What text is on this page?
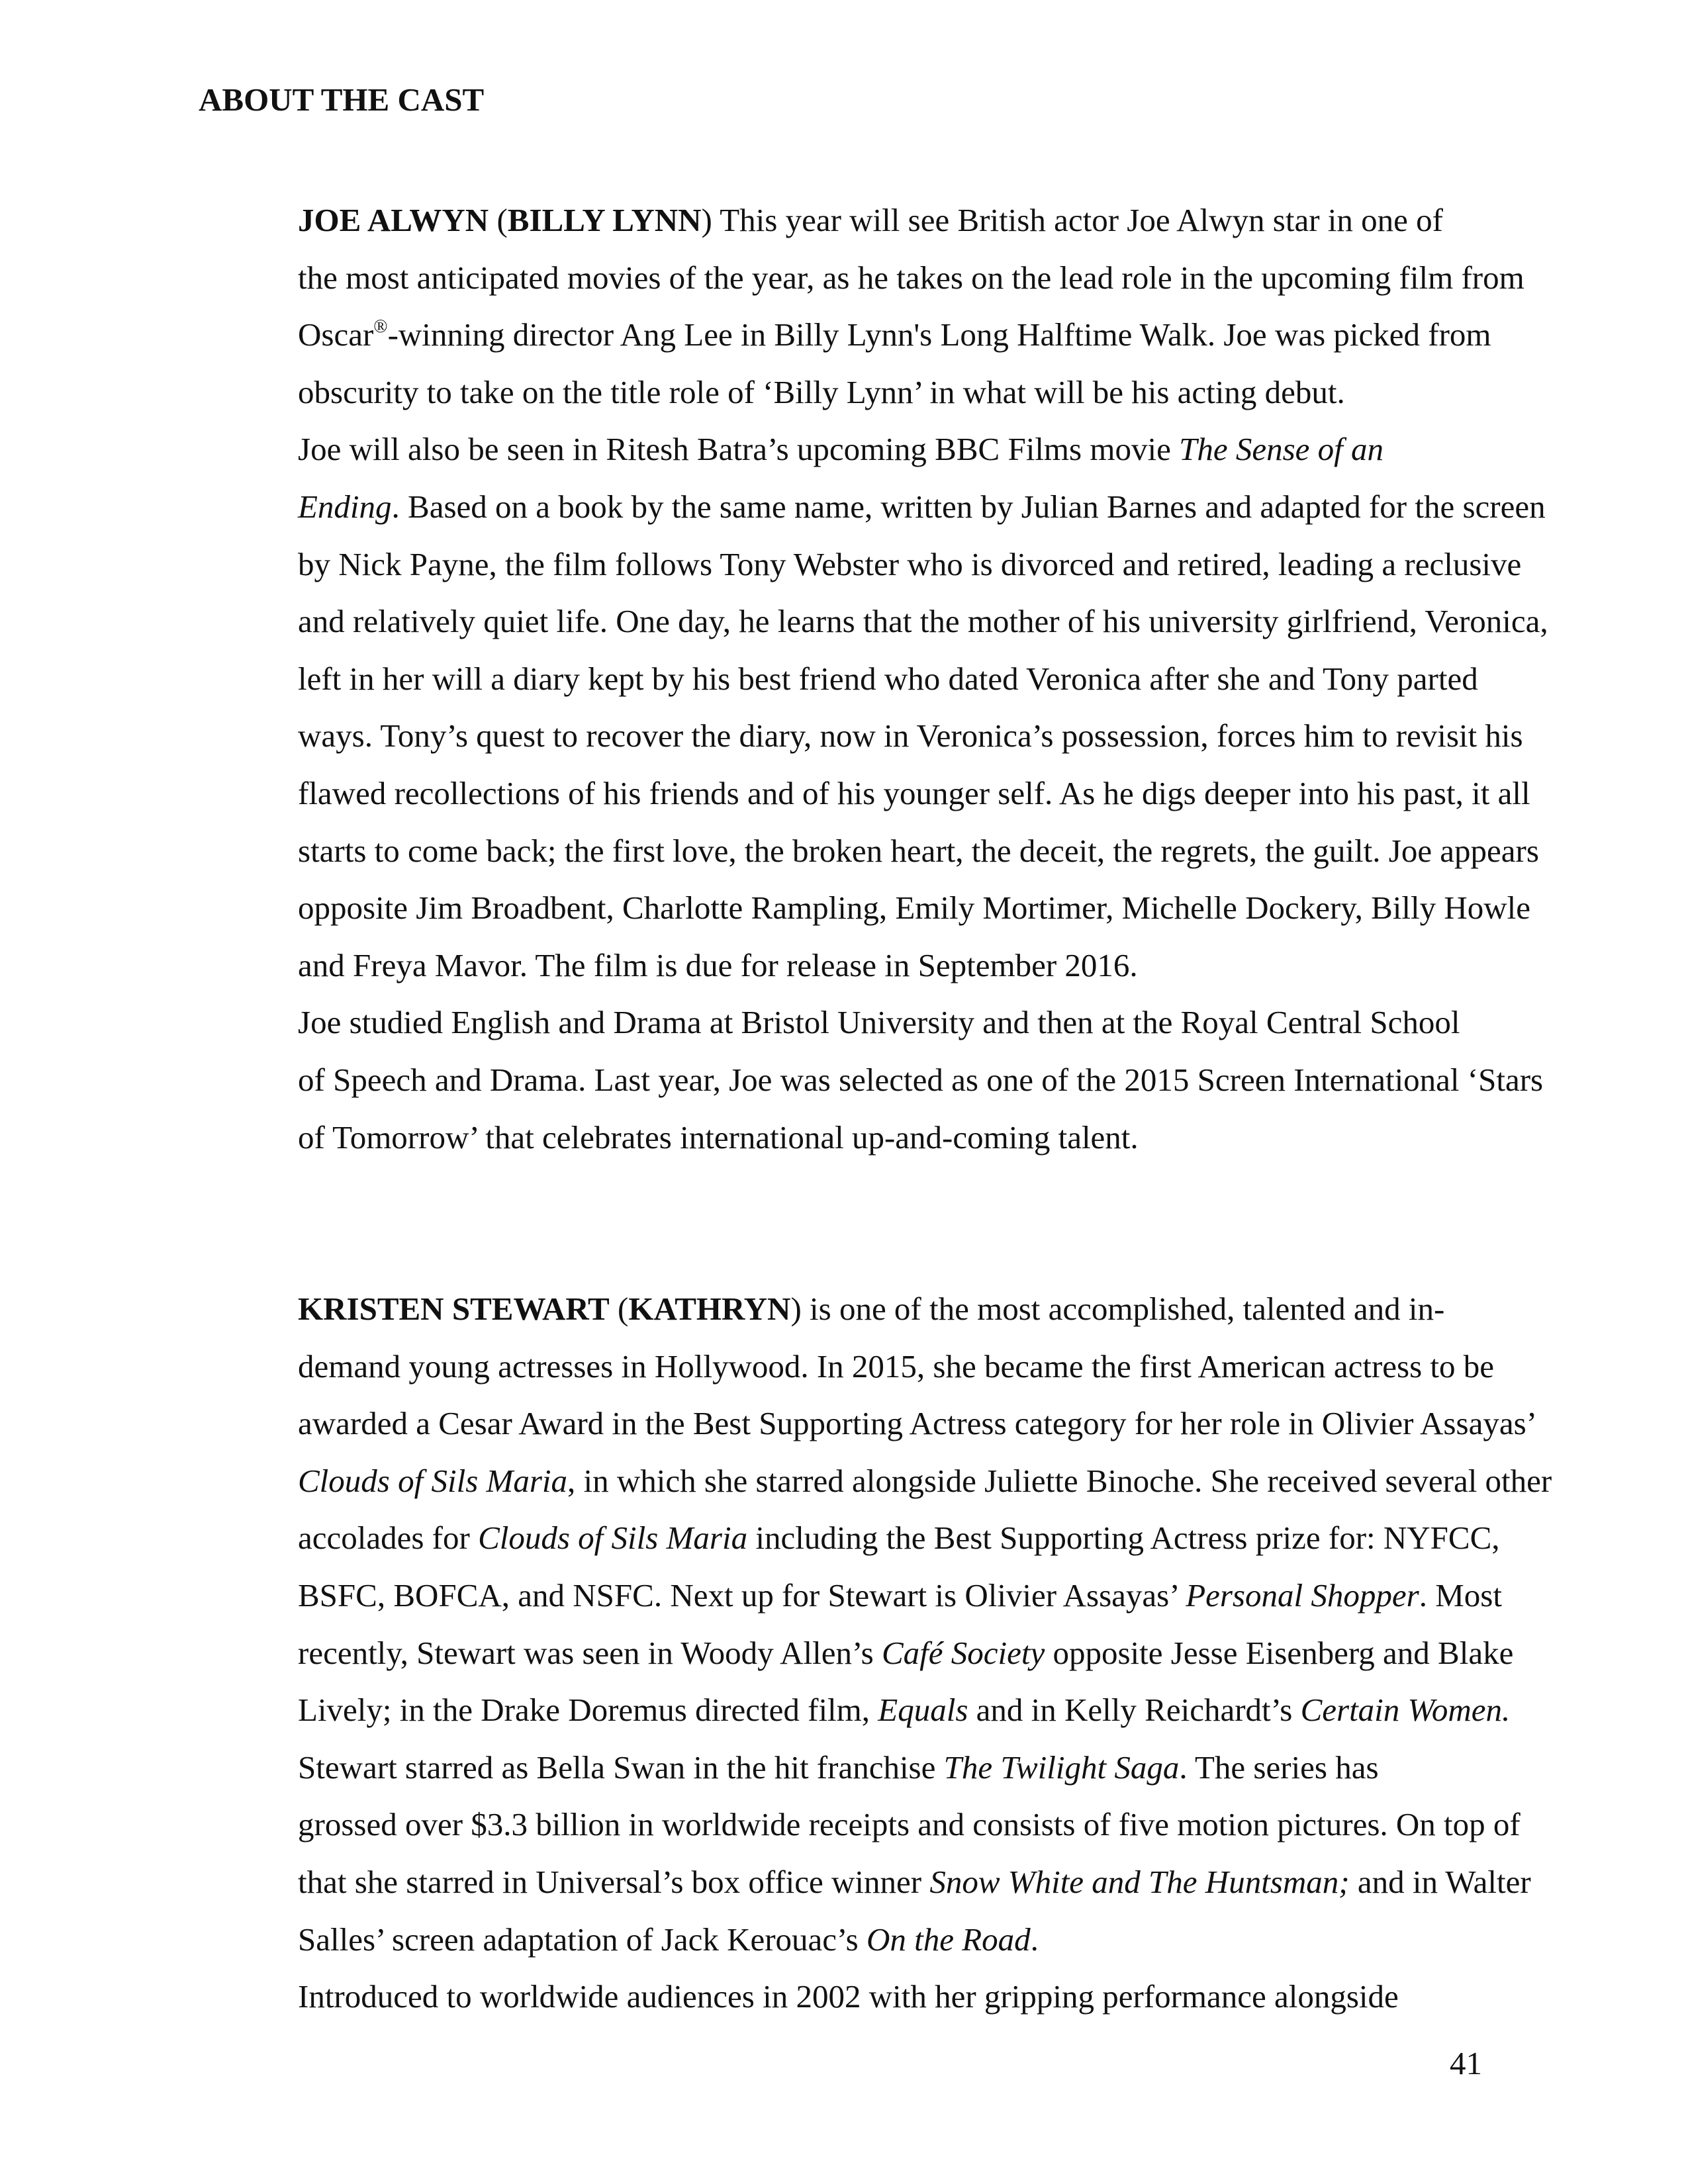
ABOUT THE CAST

JOE ALWYN (BILLY LYNN) This year will see British actor Joe Alwyn star in one of
the most anticipated movies of the year, as he takes on the lead role in the upcoming film from
Oscar®-winning director Ang Lee in Billy Lynn's Long Halftime Walk. Joe was picked from
obscurity to take on the title role of ‘Billy Lynn’ in what will be his acting debut.

Joe will also be seen in Ritesh Batra’s upcoming BBC Films movie The Sense of an
Ending. Based on a book by the same name, written by Julian Barnes and adapted for the screen
by Nick Payne, the film follows Tony Webster who is divorced and retired, leading a reclusive
and relatively quiet life. One day, he learns that the mother of his university girlfriend, Veronica,
left in her will a diary kept by his best friend who dated Veronica after she and Tony parted
ways. Tony’s quest to recover the diary, now in Veronica’s possession, forces him to revisit his
flawed recollections of his friends and of his younger self. As he digs deeper into his past, it all
starts to come back; the first love, the broken heart, the deceit, the regrets, the guilt. Joe appears
opposite Jim Broadbent, Charlotte Rampling, Emily Mortimer, Michelle Dockery, Billy Howle
and Freya Mavor. The film is due for release in September 2016.

Joe studied English and Drama at Bristol University and then at the Royal Central School
of Speech and Drama. Last year, Joe was selected as one of the 2015 Screen International ‘Stars
of Tomorrow’ that celebrates international up-and-coming talent.

KRISTEN STEWART (KATHRYN) is one of the most accomplished, talented and in-
demand young actresses in Hollywood. In 2015, she became the first American actress to be
awarded a Cesar Award in the Best Supporting Actress category for her role in Olivier Assayas’
Clouds of Sils Maria, in which she starred alongside Juliette Binoche. She received several other
accolades for Clouds of Sils Maria including the Best Supporting Actress prize for: NYFCC,
BSFC, BOFCA, and NSFC. Next up for Stewart is Olivier Assayas’ Personal Shopper. Most
recently, Stewart was seen in Woody Allen’s Café Society opposite Jesse Eisenberg and Blake
Lively; in the Drake Doremus directed film, Equals and in Kelly Reichardt’s Certain Women.

Stewart starred as Bella Swan in the hit franchise The Twilight Saga. The series has
grossed over $3.3 billion in worldwide receipts and consists of five motion pictures. On top of
that she starred in Universal’s box office winner Snow White and The Huntsman; and in Walter
Salles’ screen adaptation of Jack Kerouac’s On the Road.

Introduced to worldwide audiences in 2002 with her gripping performance alongside

41
